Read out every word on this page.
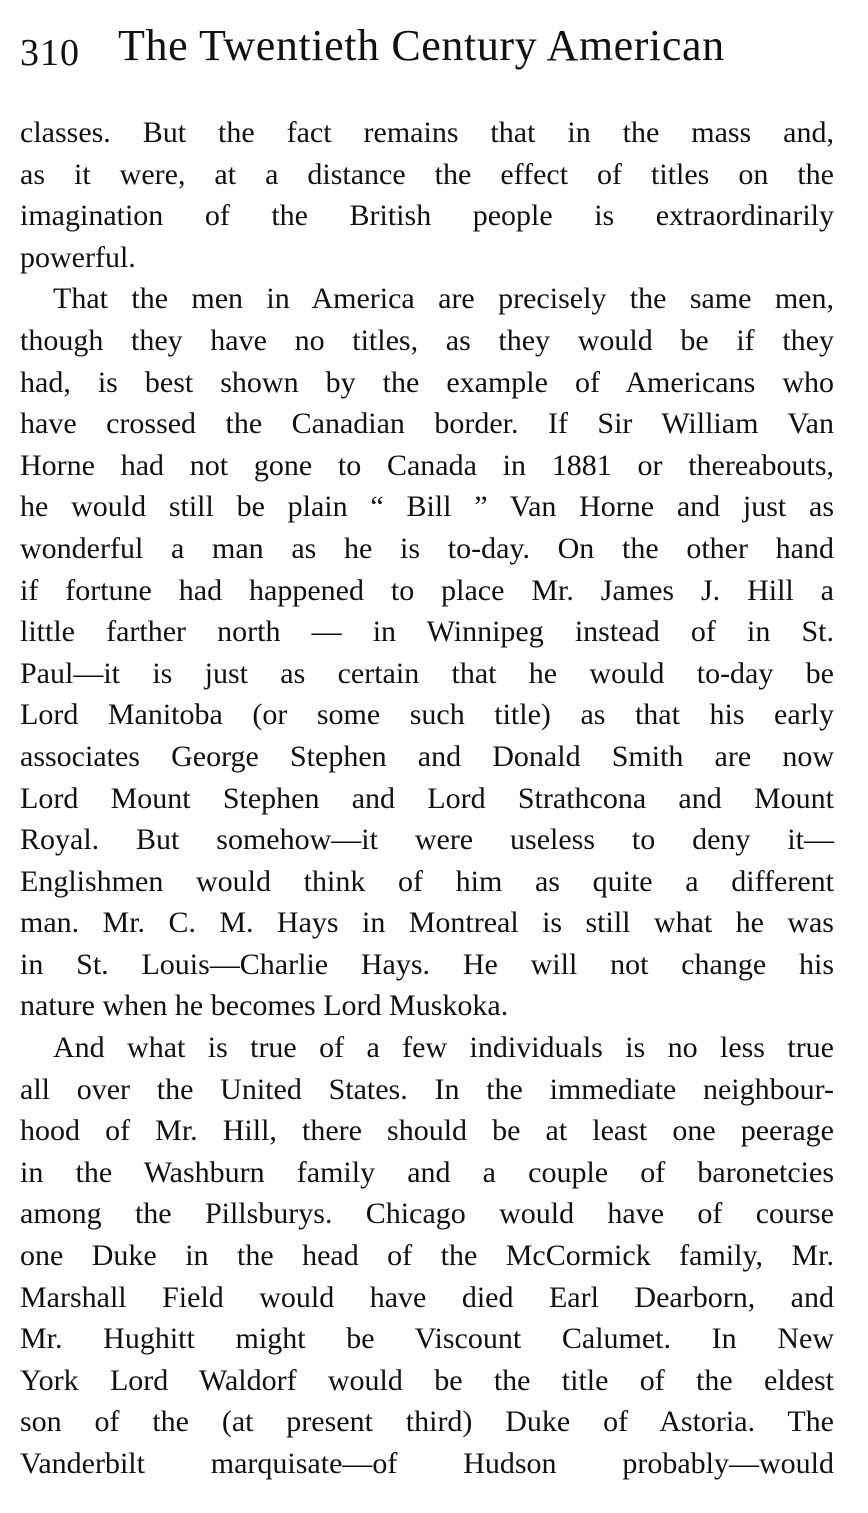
310 The Twentieth Century American
classes. But the fact remains that in the mass and,
as it were, at a distance the effect of titles on the
imagination of the British people is extraordinarily
powerful.
That the men in America are precisely the same men,
though they have no titles, as they would be if they
had, is best shown by the example of Americans who
have crossed the Canadian border. If Sir William Van
Horne had not gone to Canada in 1881 or thereabouts,
he would still be plain “ Bill ” Van Horne and just as
wonderful a man as he is to-day. On the other hand
if fortune had happened to place Mr. James J. Hill a
little farther north — in Winnipeg instead of in St.
Paul—it is just as certain that he would to-day be
Lord Manitoba (or some such title) as that his early
associates George Stephen and Donald Smith are now
Lord Mount Stephen and Lord Strathcona and Mount
Royal. But somehow—it were useless to deny it—
Englishmen would think of him as quite a different
man. Mr. C. M. Hays in Montreal is still what he was
in St. Louis—Charlie Hays. He will not change his
nature when he becomes Lord Muskoka.
And what is true of a few individuals is no less true
all over the United States. In the immediate neighbour-
hood of Mr. Hill, there should be at least one peerage
in the Washburn family and a couple of baronetcies
among the Pillsburys. Chicago would have of course
one Duke in the head of the McCormick family, Mr.
Marshall Field would have died Earl Dearborn, and
Mr. Hughitt might be Viscount Calumet. In New
York Lord Waldorf would be the title of the eldest
son of the (at present third) Duke of Astoria. The
Vanderbilt marquisate—of Hudson probably—would
